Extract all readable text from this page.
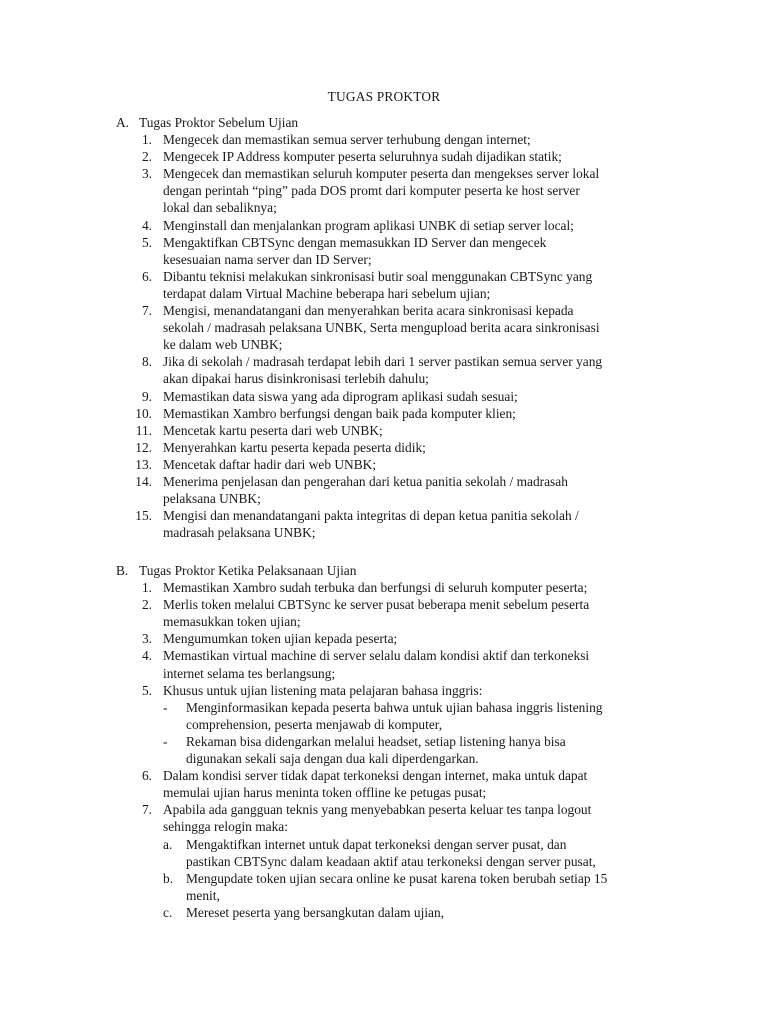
TUGAS PROKTOR
A. Tugas Proktor Sebelum Ujian
1. Mengecek dan memastikan semua server terhubung dengan internet;
2. Mengecek IP Address komputer peserta seluruhnya sudah dijadikan statik;
3. Mengecek dan memastikan seluruh komputer peserta dan mengekses server lokal
dengan perintah “ping” pada DOS promt dari komputer peserta ke host server
lokal dan sebaliknya;
4. Menginstall dan menjalankan program aplikasi UNBK di setiap server local;
5. Mengaktifkan CBTSync dengan memasukkan ID Server dan mengecek
kesesuaian nama server dan ID Server;
6. Dibantu teknisi melakukan sinkronisasi butir soal menggunakan CBTSync yang
terdapat dalam Virtual Machine beberapa hari sebelum ujian;
7. Mengisi, menandatangani dan menyerahkan berita acara sinkronisasi kepada
sekolah / madrasah pelaksana UNBK, Serta mengupload berita acara sinkronisasi
ke dalam web UNBK;
8. Jika di sekolah / madrasah terdapat lebih dari 1 server pastikan semua server yang
akan dipakai harus disinkronisasi terlebih dahulu;
9. Memastikan data siswa yang ada diprogram aplikasi sudah sesuai;
10. Memastikan Xambro berfungsi dengan baik pada komputer klien;
11. Mencetak kartu peserta dari web UNBK;
12. Menyerahkan kartu peserta kepada peserta didik;
13. Mencetak daftar hadir dari web UNBK;
14. Menerima penjelasan dan pengerahan dari ketua panitia sekolah / madrasah
pelaksana UNBK;
15. Mengisi dan menandatangani pakta integritas di depan ketua panitia sekolah /
madrasah pelaksana UNBK;
B. Tugas Proktor Ketika Pelaksanaan Ujian
1. Memastikan Xambro sudah terbuka dan berfungsi di seluruh komputer peserta;
2. Merlis token melalui CBTSync ke server pusat beberapa menit sebelum peserta
memasukkan token ujian;
3. Mengumumkan token ujian kepada peserta;
4. Memastikan virtual machine di server selalu dalam kondisi aktif dan terkoneksi
internet selama tes berlangsung;
5. Khusus untuk ujian listening mata pelajaran bahasa inggris:
-	Menginformasikan kepada peserta bahwa untuk ujian bahasa inggris listening
comprehension, peserta menjawab di komputer,
-	Rekaman bisa didengarkan melalui headset, setiap listening hanya bisa
digunakan sekali saja dengan dua kali diperdengarkan.
6. Dalam kondisi server tidak dapat terkoneksi dengan internet, maka untuk dapat
memulai ujian harus meninta token offline ke petugas pusat;
7. Apabila ada gangguan teknis yang menyebabkan peserta keluar tes tanpa logout
sehingga relogin maka:
a.	Mengaktifkan internet untuk dapat terkoneksi dengan server pusat, dan
pastikan CBTSync dalam keadaan aktif atau terkoneksi dengan server pusat,
b. Mengupdate token ujian secara online ke pusat karena token berubah setiap 15
menit,
c.	Mereset peserta yang bersangkutan dalam ujian,
